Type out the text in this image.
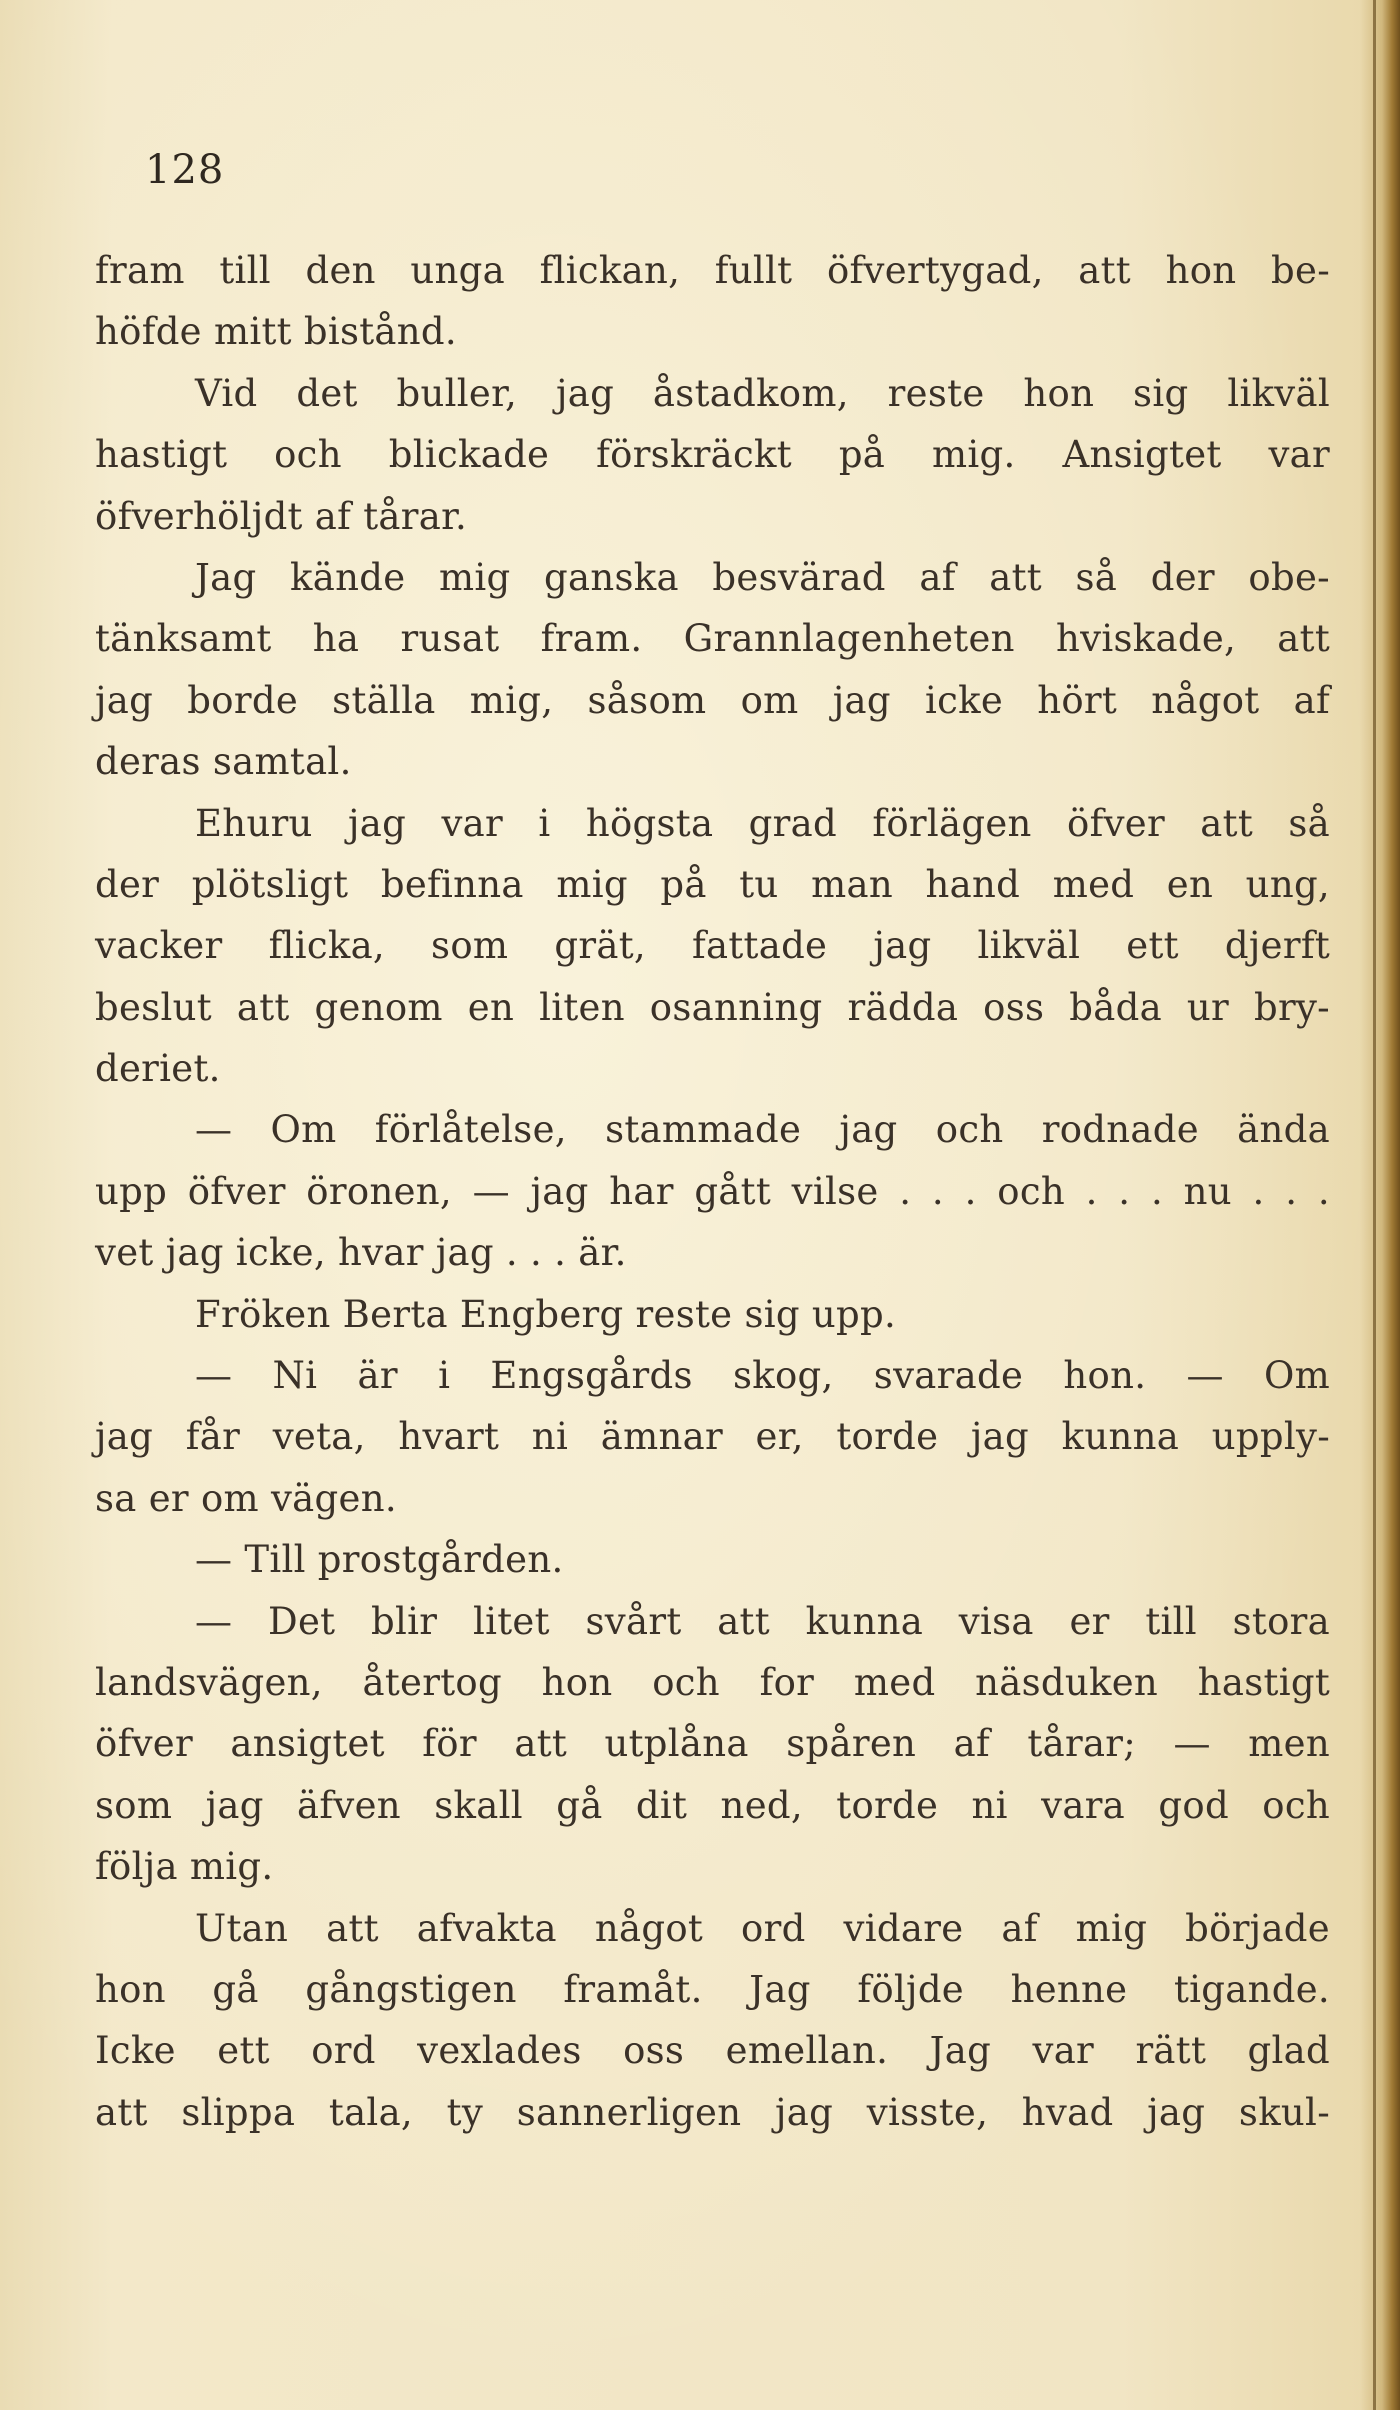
128
fram till den unga flickan, fullt öfvertygad, att hon be-
höfde mitt bistånd.
Vid det buller, jag åstadkom, reste hon sig likväl
hastigt och blickade förskräckt på mig. Ansigtet var
öfverhöljdt af tårar.
Jag kände mig ganska besvärad af att så der obe-
tänksamt ha rusat fram. Grannlagenheten hviskade, att
jag borde ställa mig, såsom om jag icke hört något af
deras samtal.
Ehuru jag var i högsta grad förlägen öfver att så
der plötsligt befinna mig på tu man hand med en ung,
vacker flicka, som grät, fattade jag likväl ett djerft
beslut att genom en liten osanning rädda oss båda ur bry-
deriet.
— Om förlåtelse, stammade jag och rodnade ända
upp öfver öronen, — jag har gått vilse . . . och . . . nu . . .
vet jag icke, hvar jag . . . är.
Fröken Berta Engberg reste sig upp.
— Ni är i Engsgårds skog, svarade hon. — Om
jag får veta, hvart ni ämnar er, torde jag kunna upply-
sa er om vägen.
— Till prostgården.
— Det blir litet svårt att kunna visa er till stora
landsvägen, återtog hon och for med näsduken hastigt
öfver ansigtet för att utplåna spåren af tårar; — men
som jag äfven skall gå dit ned, torde ni vara god och
följa mig.
Utan att afvakta något ord vidare af mig började
hon gå gångstigen framåt. Jag följde henne tigande.
Icke ett ord vexlades oss emellan. Jag var rätt glad
att slippa tala, ty sannerligen jag visste, hvad jag skul-
